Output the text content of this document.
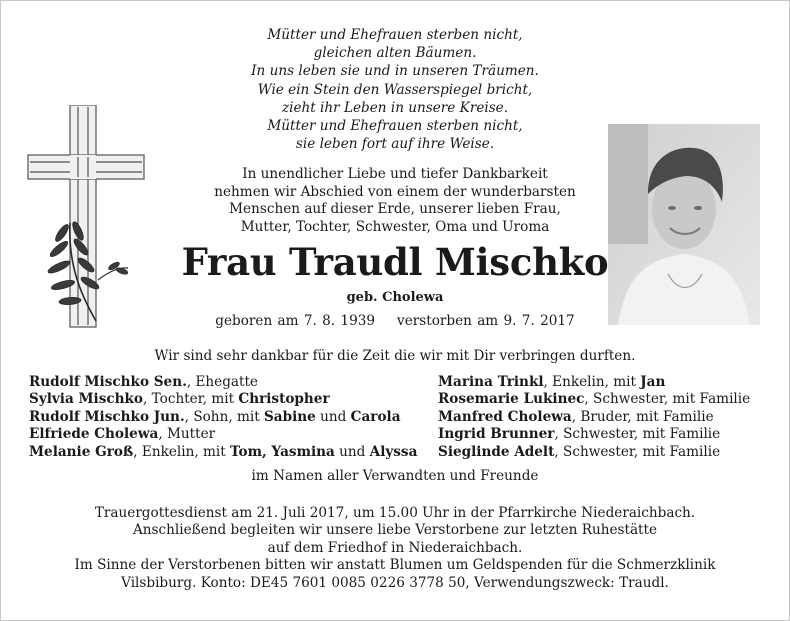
Mütter und Ehefrauen sterben nicht,
gleichen alten Bäumen.
In uns leben sie und in unseren Träumen.
Wie ein Stein den Wasserspiegel bricht,
zieht ihr Leben in unsere Kreise.
Mütter und Ehefrauen sterben nicht,
sie leben fort auf ihre Weise.
In unendlicher Liebe und tiefer Dankbarkeit
nehmen wir Abschied von einem der wunderbarsten
Menschen auf dieser Erde, unserer lieben Frau,
Mutter, Tochter, Schwester, Oma und Uroma
Frau Traudl Mischko
geb. Cholewa
geboren am 7. 8. 1939 verstorben am 9. 7. 2017
Wir sind sehr dankbar für die Zeit die wir mit Dir verbringen durften.
Rudolf Mischko Sen., Ehegatte
Sylvia Mischko, Tochter, mit Christopher
Rudolf Mischko Jun., Sohn, mit Sabine und Carola
Elfriede Cholewa, Mutter
Melanie Groß, Enkelin, mit Tom, Yasmina und Alyssa
Marina Trinkl, Enkelin, mit Jan
Rosemarie Lukinec, Schwester, mit Familie
Manfred Cholewa, Bruder, mit Familie
Ingrid Brunner, Schwester, mit Familie
Sieglinde Adelt, Schwester, mit Familie
im Namen aller Verwandten und Freunde
Trauergottesdienst am 21. Juli 2017, um 15.00 Uhr in der Pfarrkirche Niederaichbach.
Anschließend begleiten wir unsere liebe Verstorbene zur letzten Ruhestätte
auf dem Friedhof in Niederaichbach.
Im Sinne der Verstorbenen bitten wir anstatt Blumen um Geldspenden für die Schmerzklinik
Vilsbiburg. Konto: DE45 7601 0085 0226 3778 50, Verwendungszweck: Traudl.
